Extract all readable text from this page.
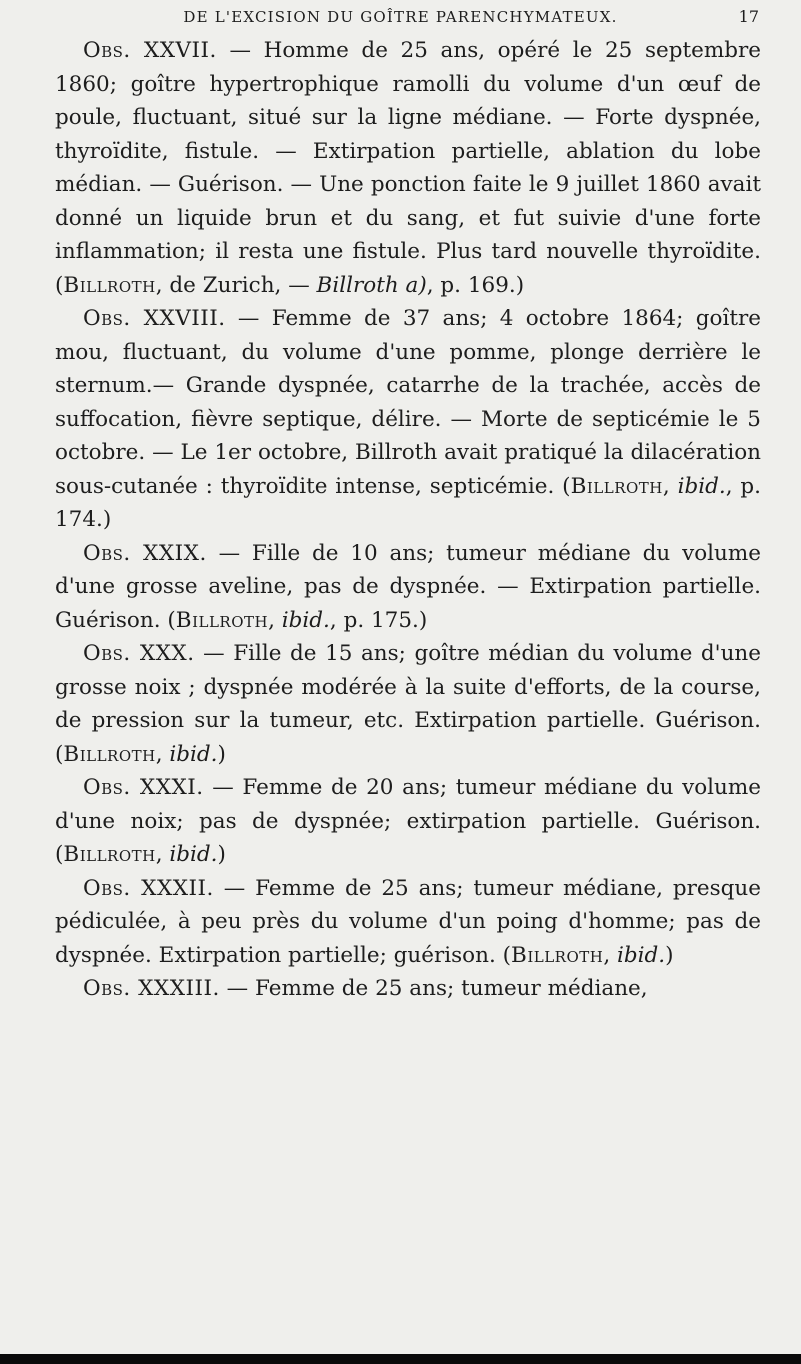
DE L'EXCISION DU GOÎTRE PARENCHYMATEUX.	17

Obs. XXVII. — Homme de 25 ans, opéré le 25 septembre 1860; goître hypertrophique ramolli du volume d'un œuf de poule, fluctuant, situé sur la ligne médiane. — Forte dyspnée, thyroïdite, fistule. — Extirpation partielle, ablation du lobe médian. — Guérison. — Une ponction faite le 9 juillet 1860 avait donné un liquide brun et du sang, et fut suivie d'une forte inflammation; il resta une fistule. Plus tard nouvelle thyroïdite. (Billroth, de Zurich, — Billroth a), p. 169.)

Obs. XXVIII. — Femme de 37 ans; 4 octobre 1864; goître mou, fluctuant, du volume d'une pomme, plonge derrière le sternum.— Grande dyspnée, catarrhe de la trachée, accès de suffocation, fièvre septique, délire. — Morte de septicémie le 5 octobre. — Le 1er octobre, Billroth avait pratiqué la dilacération sous-cutanée : thyroïdite intense, septicémie. (Billroth, ibid., p. 174.)

Obs. XXIX. — Fille de 10 ans; tumeur médiane du volume d'une grosse aveline, pas de dyspnée. — Extirpation partielle. Guérison. (Billroth, ibid., p. 175.)

Obs. XXX. — Fille de 15 ans; goître médian du volume d'une grosse noix ; dyspnée modérée à la suite d'efforts, de la course, de pression sur la tumeur, etc. Extirpation partielle. Guérison. (Billroth, ibid.)

Obs. XXXI. — Femme de 20 ans; tumeur médiane du volume d'une noix; pas de dyspnée; extirpation partielle. Guérison. (Billroth, ibid.)

Obs. XXXII. — Femme de 25 ans; tumeur médiane, presque pédiculée, à peu près du volume d'un poing d'homme; pas de dyspnée. Extirpation partielle; guérison. (Billroth, ibid.)

Obs. XXXIII. — Femme de 25 ans; tumeur médiane,
